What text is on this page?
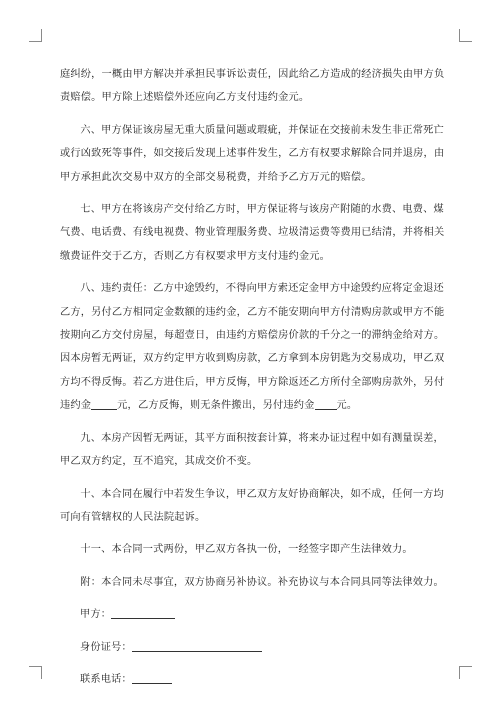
庭纠纷，一概由甲方解决并承担民事诉讼责任，因此给乙方造成的经济损失由甲方负
责赔偿。甲方除上述赔偿外还应向乙方支付违约金元。

六、甲方保证该房屋无重大质量问题或瑕疵，并保证在交接前未发生非正常死亡
或行凶致死等事件，如交接后发现上述事件发生，乙方有权要求解除合同并退房，由
甲方承担此次交易中双方的全部交易税费，并给予乙方万元的赔偿。

七、甲方在将该房产交付给乙方时，甲方保证将与该房产附随的水费、电费、煤
气费、电话费、有线电视费、物业管理服务费、垃圾清运费等费用已结清，并将相关
缴费证件交于乙方，否则乙方有权要求甲方支付违约金元。

八、违约责任：乙方中途毁约，不得向甲方索还定金甲方中途毁约应将定金退还
乙方，另付乙方相同定金数额的违约金，乙方不能安期向甲方付清购房款或甲方不能
按期向乙方交付房屋，每超壹日，由违约方赔偿房价款的千分之一的滞纳金给对方。
因本房暂无两证，双方约定甲方收到购房款，乙方拿到本房钥匙为交易成功，甲乙双
方均不得反悔。若乙方进住后，甲方反悔，甲方除返还乙方所付全部购房款外，另付
违约金	元，乙方反悔，则无条件搬出，另付违约金 元。

九、本房产因暂无两证，其平方面积按套计算，将来办证过程中如有测量误差，
甲乙双方约定，互不追究，其成交价不变。

十、本合同在履行中若发生争议，甲乙双方友好协商解决，如不成，任何一方均
可向有管辖权的人民法院起诉。

十一、本合同一式两份，甲乙双方各执一份，一经签字即产生法律效力。

附：本合同未尽事宜，双方协商另补协议。补充协议与本合同具同等法律效力。

甲方：
身份证号：
联系电话：
